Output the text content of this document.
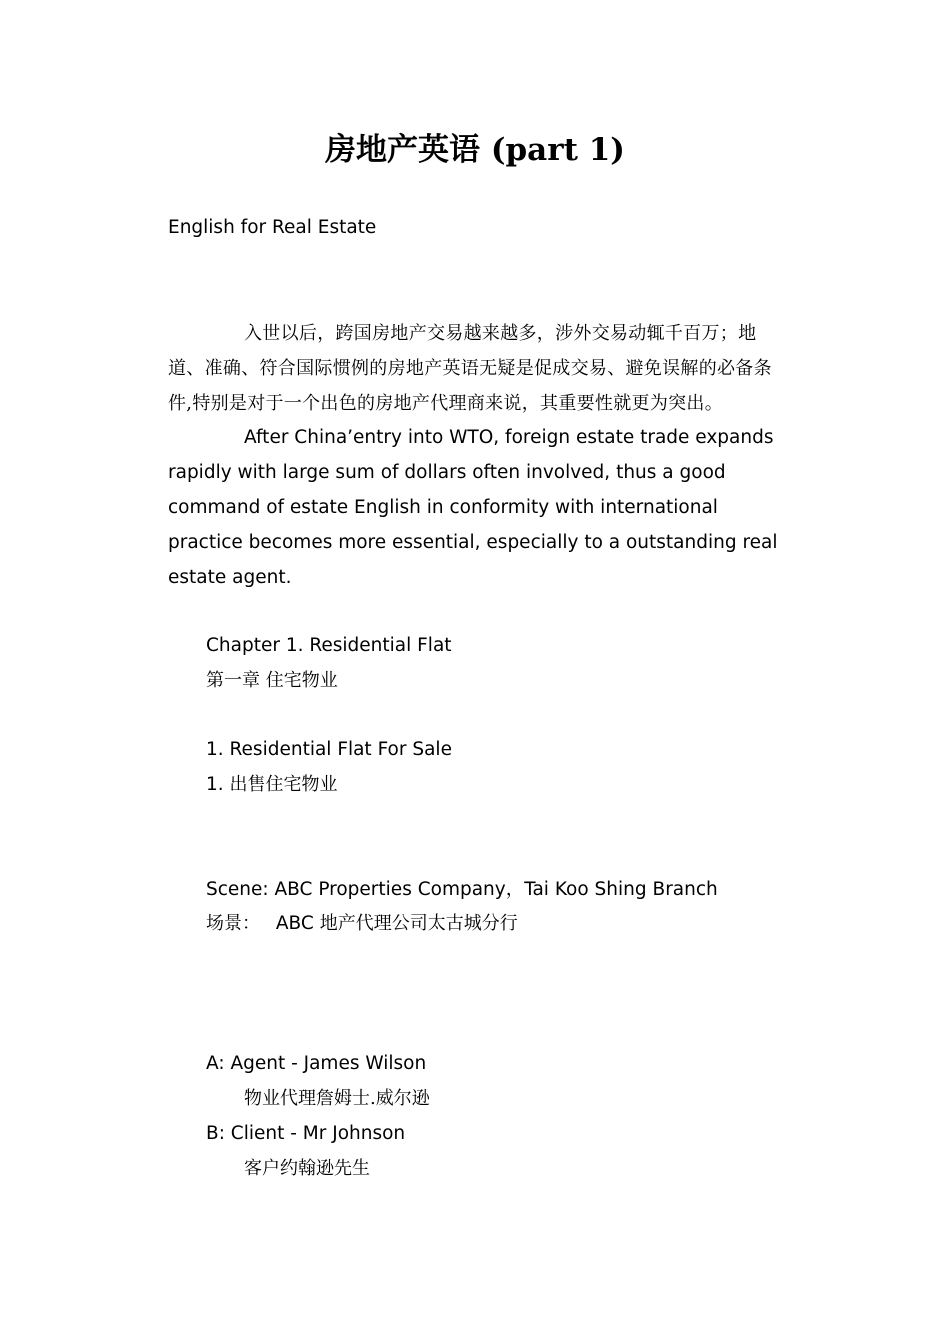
房地产英语 (part 1)
English for Real Estate
入世以后，跨国房地产交易越来越多，涉外交易动辄千百万；地道、准确、符合国际惯例的房地产英语无疑是促成交易、避免误解的必备条件,特别是对于一个出色的房地产代理商来说，其重要性就更为突出。
After China’entry into WTO, foreign estate trade expands rapidly with large sum of dollars often involved, thus a good command of estate English in conformity with international practice becomes more essential, especially to a outstanding real estate agent.
Chapter 1. Residential Flat
第一章 住宅物业
1. Residential Flat For Sale
1. 出售住宅物业
Scene: ABC Properties Company，Tai Koo Shing Branch
场景： ABC 地产代理公司太古城分行
A: Agent - James Wilson
物业代理詹姆士.威尔逊
B: Client - Mr Johnson
客户约翰逊先生
